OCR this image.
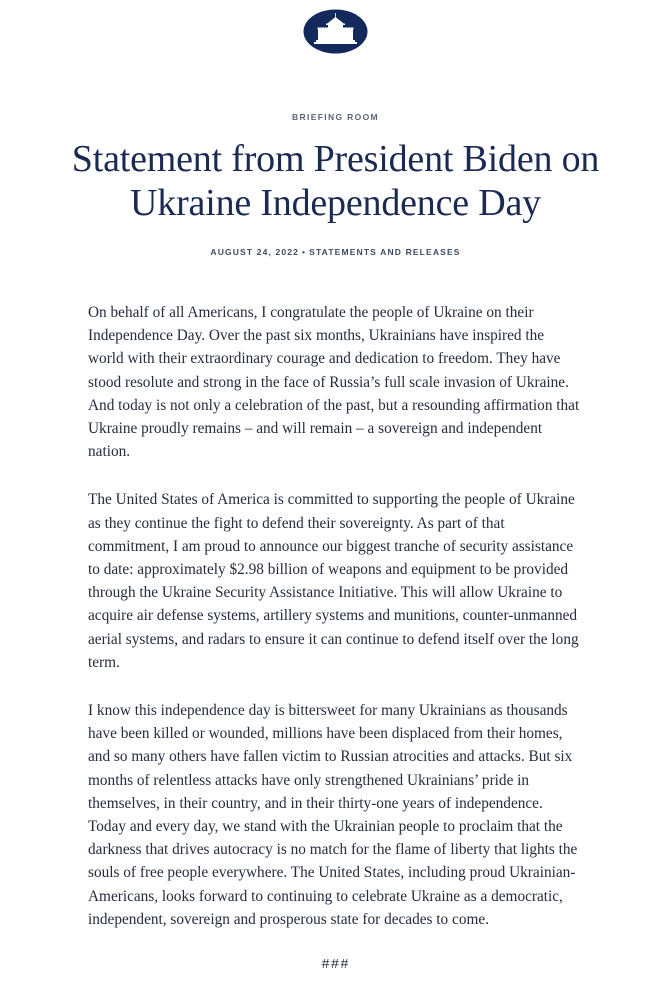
BRIEFING ROOM
Statement from President Biden on Ukraine Independence Day
AUGUST 24, 2022 • STATEMENTS AND RELEASES

On behalf of all Americans, I congratulate the people of Ukraine on their Independence Day. Over the past six months, Ukrainians have inspired the world with their extraordinary courage and dedication to freedom. They have stood resolute and strong in the face of Russia’s full scale invasion of Ukraine. And today is not only a celebration of the past, but a resounding affirmation that Ukraine proudly remains – and will remain – a sovereign and independent nation.

The United States of America is committed to supporting the people of Ukraine as they continue the fight to defend their sovereignty. As part of that commitment, I am proud to announce our biggest tranche of security assistance to date: approximately $2.98 billion of weapons and equipment to be provided through the Ukraine Security Assistance Initiative. This will allow Ukraine to acquire air defense systems, artillery systems and munitions, counter-unmanned aerial systems, and radars to ensure it can continue to defend itself over the long term.

I know this independence day is bittersweet for many Ukrainians as thousands have been killed or wounded, millions have been displaced from their homes, and so many others have fallen victim to Russian atrocities and attacks. But six months of relentless attacks have only strengthened Ukrainians’ pride in themselves, in their country, and in their thirty-one years of independence. Today and every day, we stand with the Ukrainian people to proclaim that the darkness that drives autocracy is no match for the flame of liberty that lights the souls of free people everywhere. The United States, including proud Ukrainian-Americans, looks forward to continuing to celebrate Ukraine as a democratic, independent, sovereign and prosperous state for decades to come.

###
